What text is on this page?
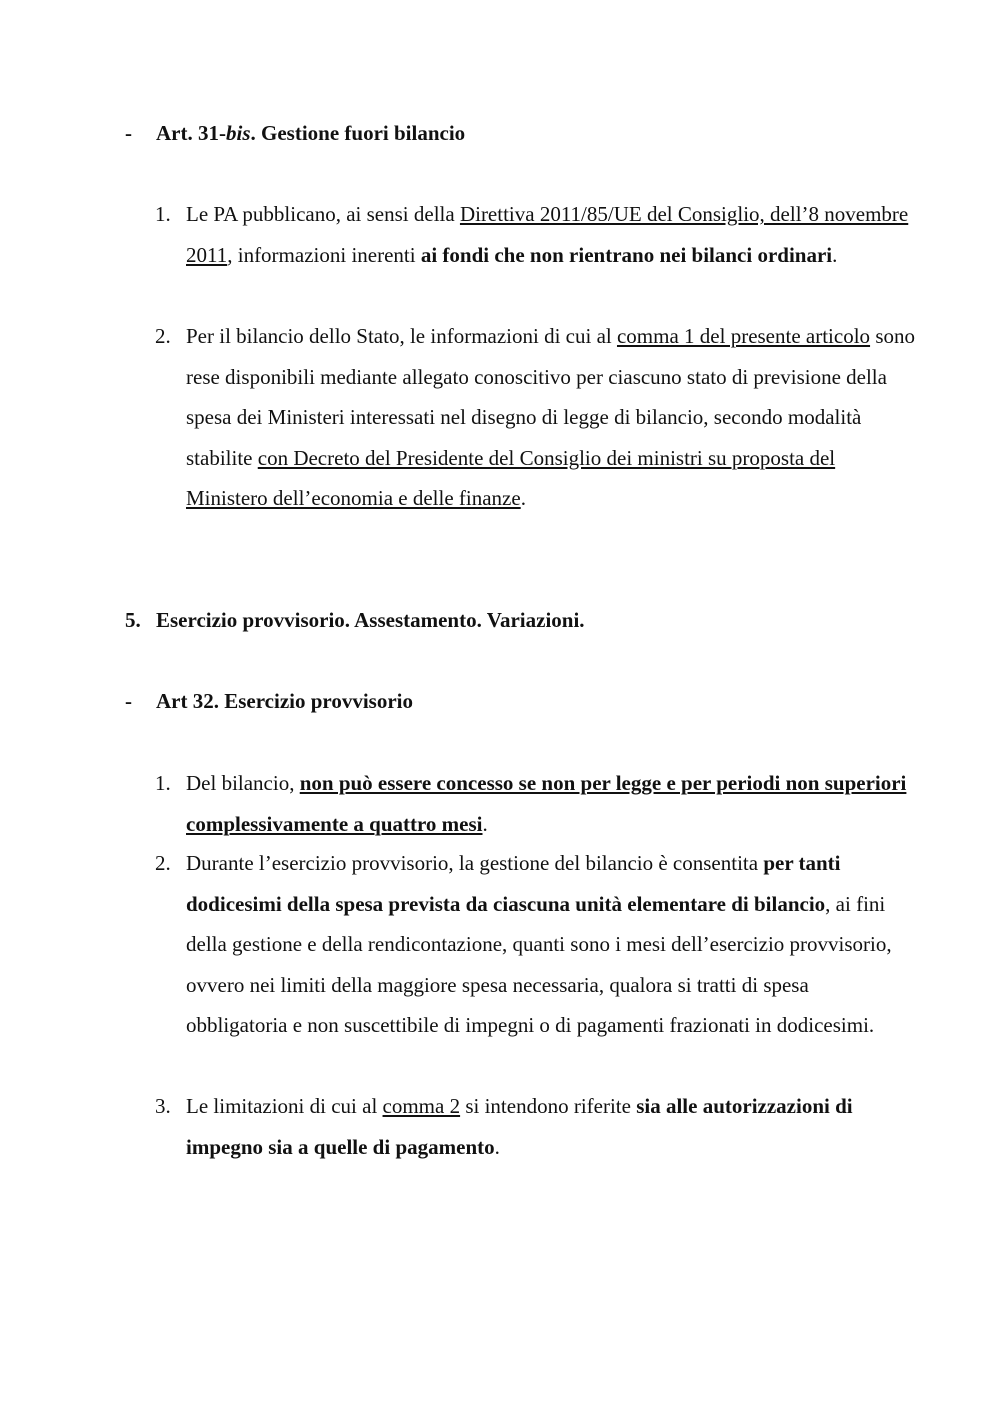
- Art. 31-bis. Gestione fuori bilancio
1. Le PA pubblicano, ai sensi della Direttiva 2011/85/UE del Consiglio, dell’8 novembre 2011, informazioni inerenti ai fondi che non rientrano nei bilanci ordinari.
2. Per il bilancio dello Stato, le informazioni di cui al comma 1 del presente articolo sono rese disponibili mediante allegato conoscitivo per ciascuno stato di previsione della spesa dei Ministeri interessati nel disegno di legge di bilancio, secondo modalità stabilite con Decreto del Presidente del Consiglio dei ministri su proposta del Ministero dell’economia e delle finanze.
5. Esercizio provvisorio. Assestamento. Variazioni.
- Art 32. Esercizio provvisorio
1. Del bilancio, non può essere concesso se non per legge e per periodi non superiori complessivamente a quattro mesi.
2. Durante l’esercizio provvisorio, la gestione del bilancio è consentita per tanti dodicesimi della spesa prevista da ciascuna unità elementare di bilancio, ai fini della gestione e della rendicontazione, quanti sono i mesi dell’esercizio provvisorio, ovvero nei limiti della maggiore spesa necessaria, qualora si tratti di spesa obbligatoria e non suscettibile di impegni o di pagamenti frazionati in dodicesimi.
3. Le limitazioni di cui al comma 2 si intendono riferite sia alle autorizzazioni di impegno sia a quelle di pagamento.
